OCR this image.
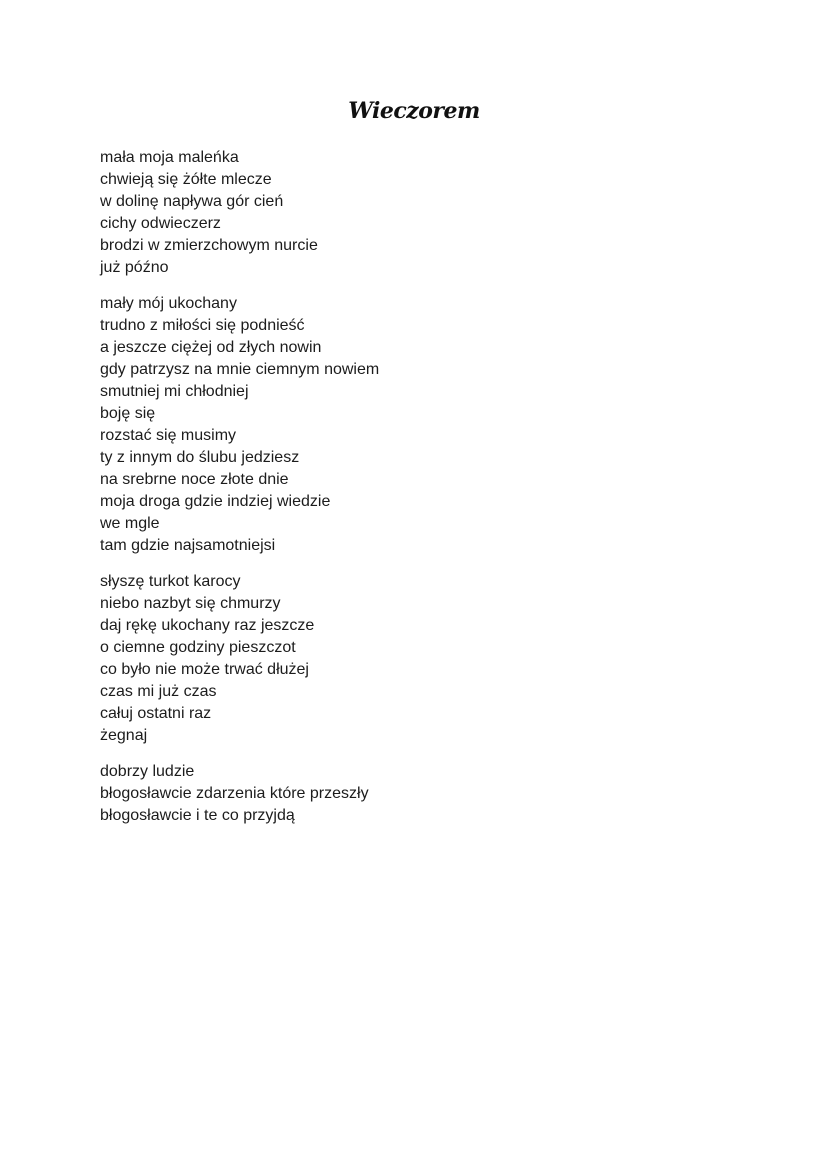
Wieczorem
mała moja maleńka
chwieją się żółte mlecze
w dolinę napływa gór cień
cichy odwieczerz
brodzi w zmierzchowym nurcie
już późno
mały mój ukochany
trudno z miłości się podnieść
a jeszcze ciężej od złych nowin
gdy patrzysz na mnie ciemnym nowiem
smutniej mi chłodniej
boję się
rozstać się musimy
ty z innym do ślubu jedziesz
na srebrne noce złote dnie
moja droga gdzie indziej wiedzie
we mgle
tam gdzie najsamotniejsi
słyszę turkot karocy
niebo nazbyt się chmurzy
daj rękę ukochany raz jeszcze
o ciemne godziny pieszczot
co było nie może trwać dłużej
czas mi już czas
całuj ostatni raz
żegnaj
dobrzy ludzie
błogosławcie zdarzenia które przeszły
błogosławcie i te co przyjdą
